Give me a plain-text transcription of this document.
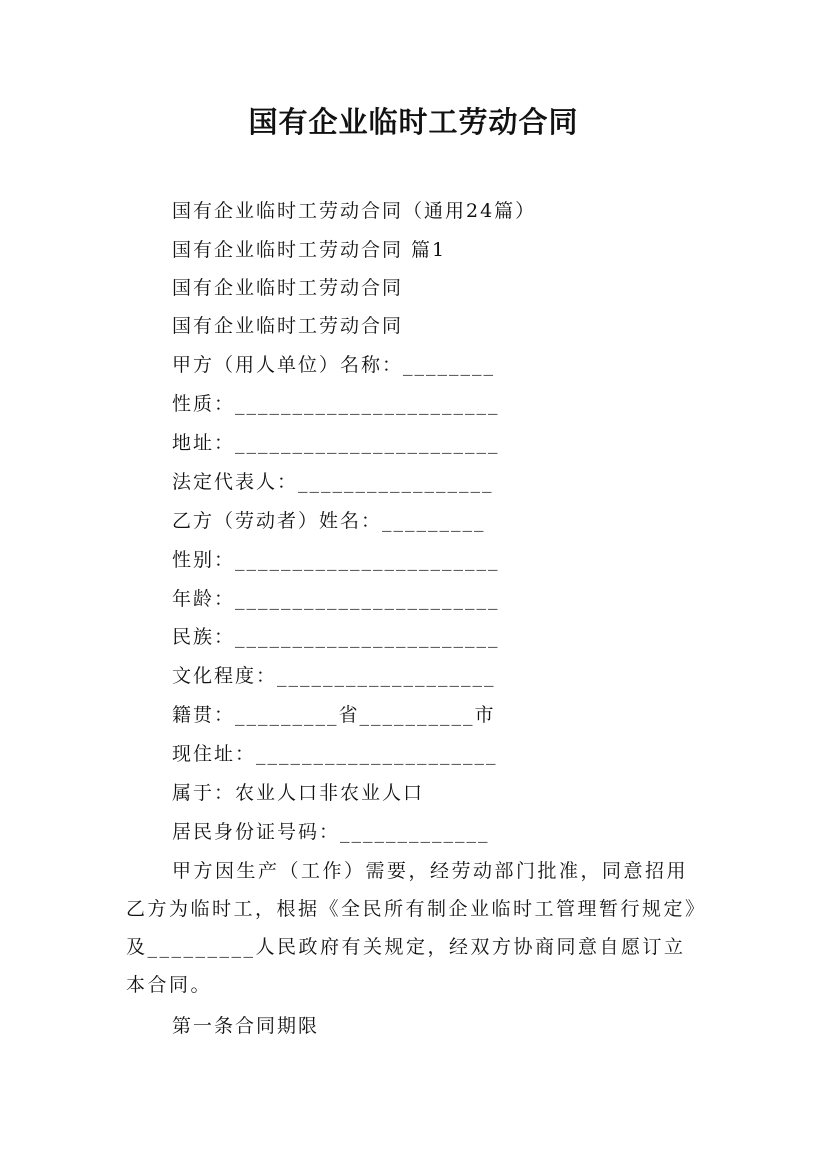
国有企业临时工劳动合同
国有企业临时工劳动合同（通用24篇）
国有企业临时工劳动合同 篇1
国有企业临时工劳动合同
国有企业临时工劳动合同
甲方（用人单位）名称：________
性质：_______________________
地址：_______________________
法定代表人：_________________
乙方（劳动者）姓名：_________
性别：_______________________
年龄：_______________________
民族：_______________________
文化程度：___________________
籍贯：_________省__________市
现住址：_____________________
属于：农业人口非农业人口
居民身份证号码：_____________

甲方因生产（工作）需要，经劳动部门批准，同意招用乙方为临时工，根据《全民所有制企业临时工管理暂行规定》及_________人民政府有关规定，经双方协商同意自愿订立本合同。

第一条合同期限
